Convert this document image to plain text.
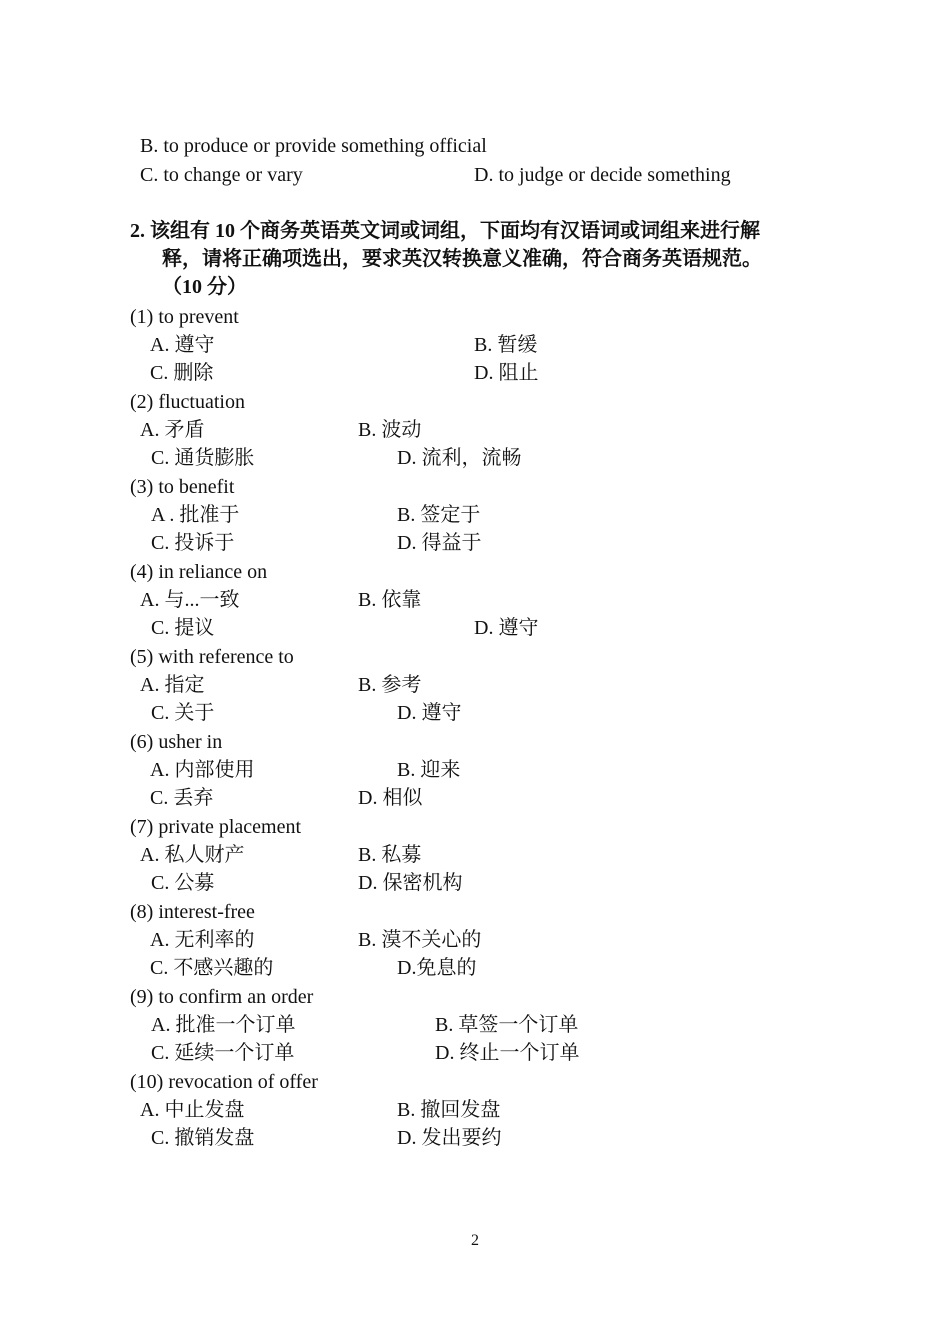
B. to produce or provide something official
C. to change or vary	D. to judge or decide something
2. 该组有 10 个商务英语英文词或词组，下面均有汉语词或词组来进行解
释，请将正确项选出，要求英汉转换意义准确，符合商务英语规范。
（10 分）
(1) to prevent
A. 遵守	B. 暂缓
C. 删除	D. 阻止
(2) fluctuation
A. 矛盾	B. 波动
C. 通货膨胀	D. 流利，流畅
(3) to benefit
A . 批准于	B. 签定于
C. 投诉于	D. 得益于
(4) in reliance on
A. 与...一致	B. 依靠
C. 提议	D. 遵守
(5) with reference to
A. 指定	B. 参考
C. 关于	D. 遵守
(6) usher in
A. 内部使用	B. 迎来
C. 丢弃	D. 相似
(7) private placement
A. 私人财产	B. 私募
C. 公募	D. 保密机构
(8) interest-free
A. 无利率的	B. 漠不关心的
C. 不感兴趣的	D.免息的
(9) to confirm an order
A. 批准一个订单	B. 草签一个订单
C. 延续一个订单	D. 终止一个订单
(10) revocation of offer
A. 中止发盘	B. 撤回发盘
C. 撤销发盘	D. 发出要约
2
